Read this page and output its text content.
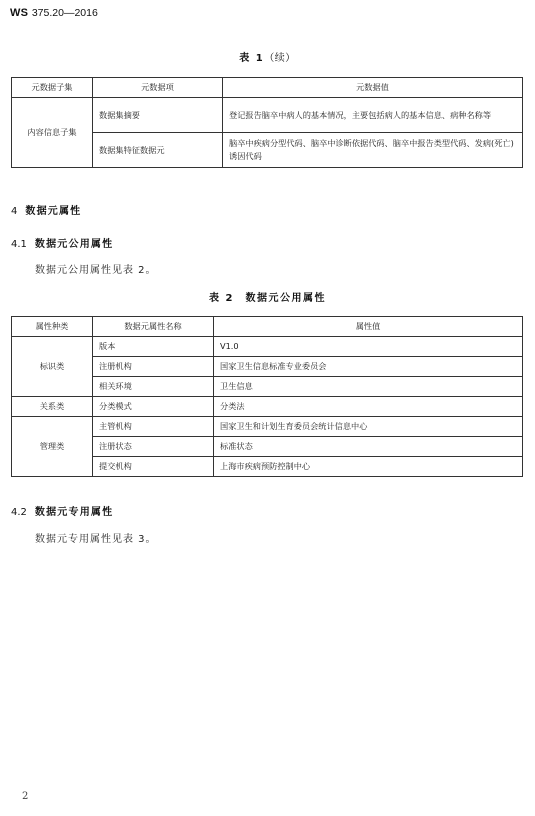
WS 375.20—2016
表 1（续）
元数据子集	元数据项	元数据值
内容信息子集	数据集摘要	登记报告脑卒中病人的基本情况，主要包括病人的基本信息、病种名称等
	数据集特征数据元	脑卒中疾病分型代码、脑卒中诊断依据代码、脑卒中报告类型代码、发病(死亡)诱因代码
4 数据元属性
4.1 数据元公用属性
数据元公用属性见表 2。
表 2　数据元公用属性
属性种类	数据元属性名称	属性值
标识类	版本	V1.0
	注册机构	国家卫生信息标准专业委员会
	相关环境	卫生信息
关系类	分类模式	分类法
管理类	主管机构	国家卫生和计划生育委员会统计信息中心
	注册状态	标准状态
	提交机构	上海市疾病预防控制中心
4.2 数据元专用属性
数据元专用属性见表 3。
2
